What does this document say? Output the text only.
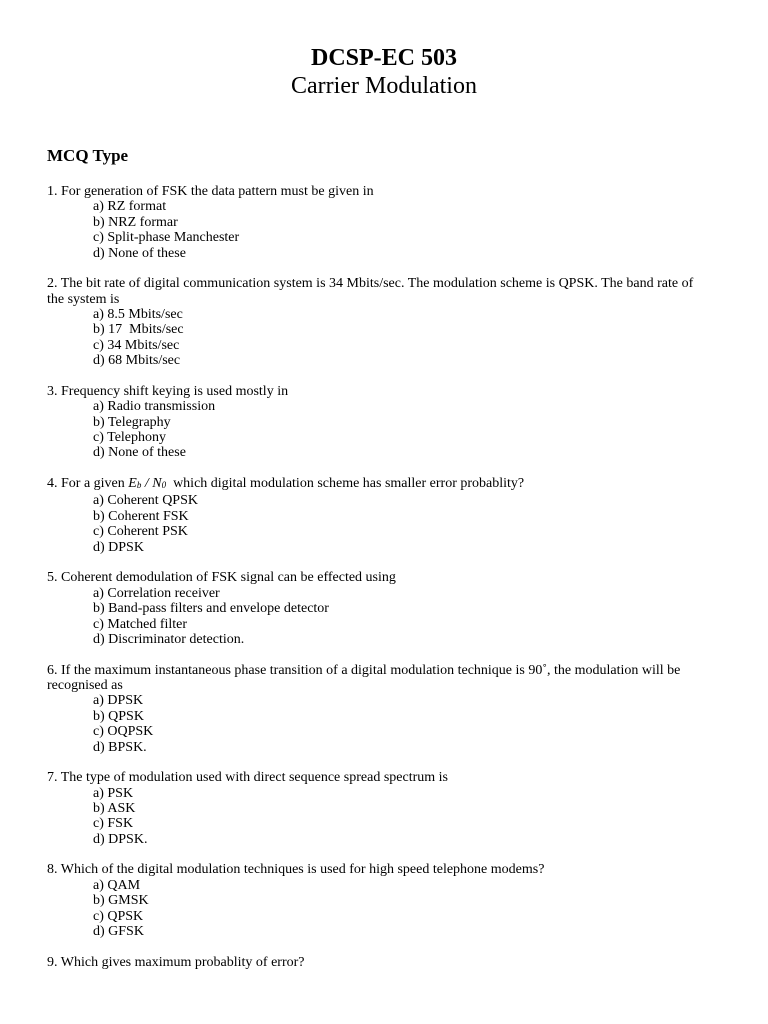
DCSP-EC 503
Carrier Modulation
MCQ Type

1. For generation of FSK the data pattern must be given in

a) RZ format

b) NRZ formar

c) Split-phase Manchester

d) None of these

2. The bit rate of digital communication system is 34 Mbits/sec. The modulation scheme is QPSK. The band rate of the system is

a) 8.5 Mbits/sec

b) 17  Mbits/sec

c) 34 Mbits/sec

d) 68 Mbits/sec

3. Frequency shift keying is used mostly in

a) Radio transmission

b) Telegraphy

c) Telephony

d) None of these

4. For a given $E_b / N_0$  which digital modulation scheme has smaller error probablity?

a) Coherent QPSK

b) Coherent FSK

c) Coherent PSK

d) DPSK

5. Coherent demodulation of FSK signal can be effected using

a) Correlation receiver

b) Band-pass filters and envelope detector

c) Matched filter

d) Discriminator detection.

6. If the maximum instantaneous phase transition of a digital modulation technique is 90˚, the modulation will be recognised as

a) DPSK

b) QPSK

c) OQPSK

d) BPSK.

7. The type of modulation used with direct sequence spread spectrum is

a) PSK

b) ASK

c) FSK

d) DPSK.

8. Which of the digital modulation techniques is used for high speed telephone modems?

a) QAM

b) GMSK

c) QPSK

d) GFSK

9. Which gives maximum probablity of error?
